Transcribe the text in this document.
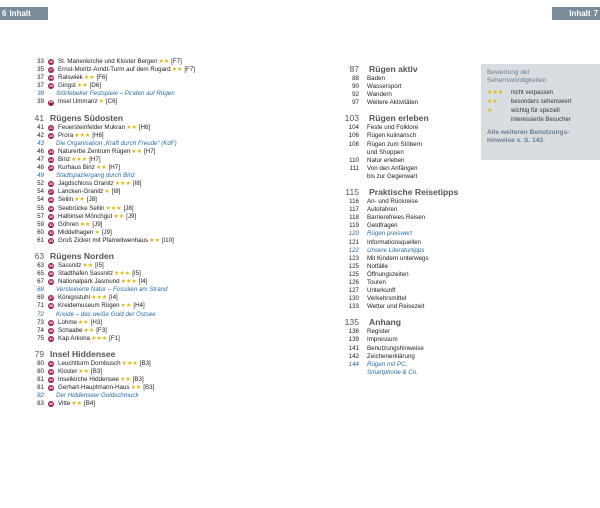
6 Inhalt	Inhalt 7
33 16 St. Marienkirche und Kloster Bergen ★★ [F7]
35 17 Ernst-Moritz-Arndt-Turm auf dem Rugard ★★ [F7]
37 18 Ralswiek ★★ [F6]
37 19 Gingst ★★ [D6]
38 Störtebeker Festspiele – Piraten auf Rügen
39 20 Insel Ummanz ★ [C6]
41 Rügens Südosten
41 21 Feuersteinfelder Mukran ★★ [H6]
42 22 Prora ★★★ [H6]
43 Die Organisation „Kraft durch Freude“ (KdF)
46 23 Naturerbe Zentrum Rügen ★★ [H7]
47 24 Binz ★★★ [H7]
48 25 Kurhaus Binz ★★ [H7]
49 Stadtspaziergang durch Binz
52 26 Jagdschloss Granitz ★★★ [I8]
54 27 Lancken-Granitz ★ [I8]
54 28 Sellin ★★ [J8]
55 29 Seebrücke Sellin ★★★ [J8]
57 30 Halbinsel Mönchgut ★★ [J9]
59 31 Göhren ★★ [J9]
60 32 Middelhagen ★ [J9]
61 33 Groß Zicker mit Pfarrwitwenhaus ★★ [I10]
63 Rügens Norden
63 34 Sassnitz ★★ [I5]
65 35 Stadthafen Sassnitz ★★★ [I5]
67 36 Nationalpark Jasmund ★★★ [I4]
68 Versteinerte Natur – Fossilien am Strand
69 37 Königsstuhl ★★★ [I4]
71 38 Kreidemuseum Rügen ★★ [H4]
72 Kreide – das weiße Gold der Ostsee
73 39 Lohme ★★ [H3]
74 40 Schaabe ★★ [F3]
75 41 Kap Arkona ★★★ [F1]
79 Insel Hiddensee
80 42 Leuchtturm Dornbusch ★★★ [B3]
80 43 Kloster ★★ [B3]
81 44 Inselkirche Hiddensee ★★ [B3]
81 45 Gerhart-Hauptmann-Haus ★★ [B3]
82 Der Hiddenseer Goldschmuck
83 46 Vitte ★★ [B4]
87 Rügen aktiv
88 Baden
90 Wassersport
92 Wandern
97 Weitere Aktivitäten
103 Rügen erleben
104 Feste und Folklore
106 Rügen kulinarisch
108 Rügen zum Stöbern
und Shoppen
110 Natur erleben
111 Von den Anfängen
bis zur Gegenwart
115 Praktische Reisetipps
116 An- und Rückreise
117 Autofahren
118 Barrierefreies Reisen
119 Geldfragen
120 Rügen preiswert
121 Informationsquellen
122 Unsere Literaturtipps
123 Mit Kindern unterwegs
125 Notfälle
125 Öffnungszeiten
126 Touren
127 Unterkunft
130 Verkehrsmittel
133 Wetter und Reisezeit
135 Anhang
136 Register
139 Impressum
141 Benutzungshinweise
142 Zeichenerklärung
144 Rügen mit PC,
Smartphone & Co.
Bewertung der
Sehenswürdigkeiten
★★★	nicht verpassen
★★	besonders sehenswert
★	wichtig für speziell
interessierte Besucher
Alle weiteren Benutzungs-
hinweise s. S. 143.
